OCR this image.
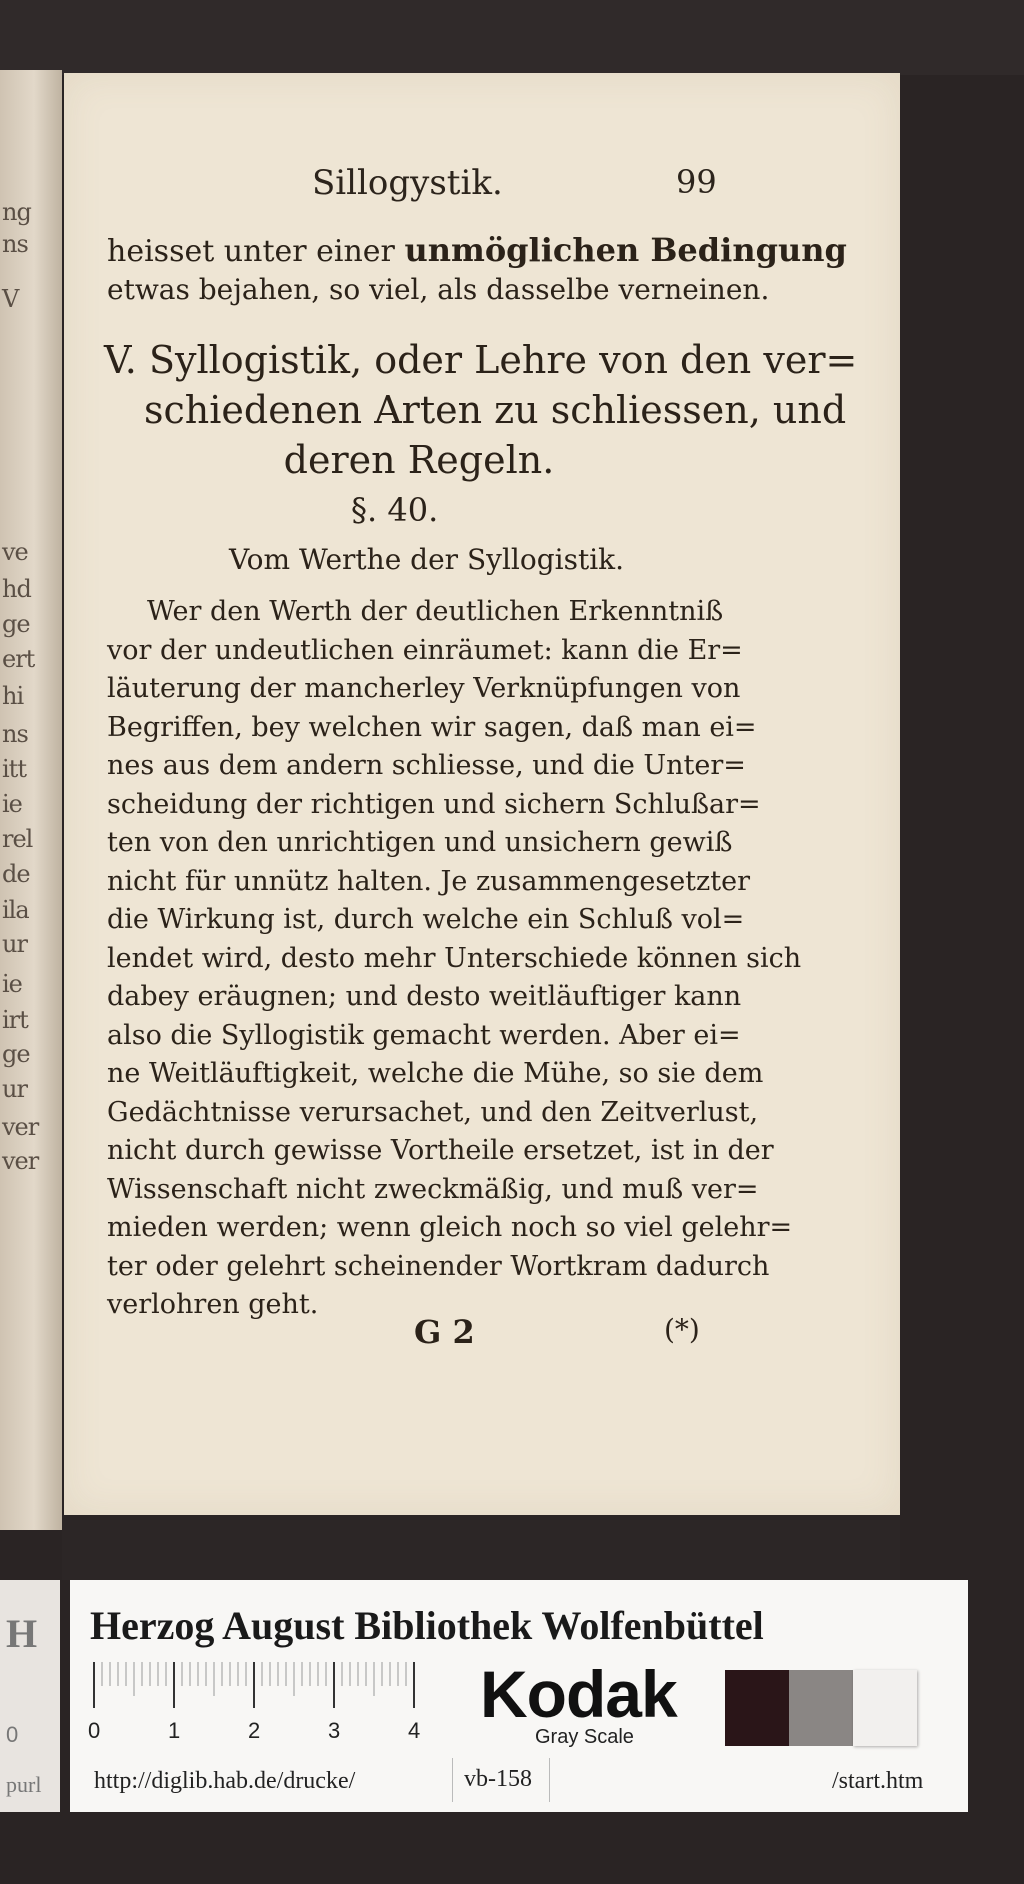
ng
ns
V
ve
hd
ge
ert
hi
ns
itt
ie
rel
de
ila
ur
ie
irt
ge
ur
ver
ver
Sillogystik.	99
heisset unter einer unmöglichen Bedingung
etwas bejahen, so viel, als dasselbe verneinen.
V. Syllogistik, oder Lehre von den ver=
schiedenen Arten zu schliessen, und
deren Regeln.
§. 40.
Vom Werthe der Syllogistik.
Wer den Werth der deutlichen Erkenntniß
vor der undeutlichen einräumet: kann die Er=
läuterung der mancherley Verknüpfungen von
Begriffen, bey welchen wir sagen, daß man ei=
nes aus dem andern schliesse, und die Unter=
scheidung der richtigen und sichern Schlußar=
ten von den unrichtigen und unsichern gewiß
nicht für unnütz halten. Je zusammengesetzter
die Wirkung ist, durch welche ein Schluß vol=
lendet wird, desto mehr Unterschiede können sich
dabey eräugnen; und desto weitläuftiger kann
also die Syllogistik gemacht werden. Aber ei=
ne Weitläuftigkeit, welche die Mühe, so sie dem
Gedächtnisse verursachet, und den Zeitverlust,
nicht durch gewisse Vortheile ersetzet, ist in der
Wissenschaft nicht zweckmäßig, und muß ver=
mieden werden; wenn gleich noch so viel gelehr=
ter oder gelehrt scheinender Wortkram dadurch
verlohren geht.
G 2	(*)
H
0
purl
Herzog August Bibliothek Wolfenbüttel
0	1	2	3	4 Kodak
Gray Scale
http://diglib.hab.de/drucke/	vb-158	/start.htm
